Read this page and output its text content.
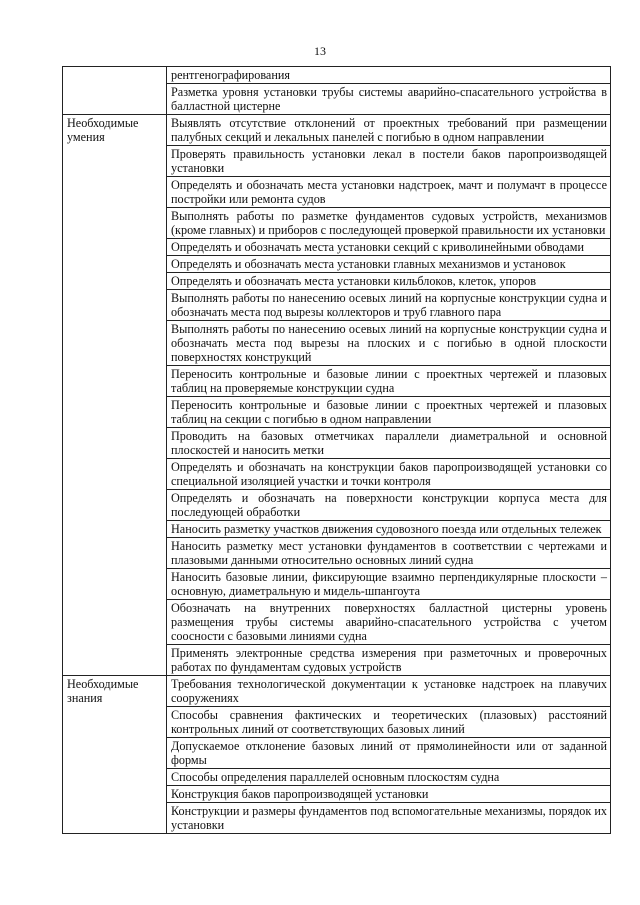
13
	рентгенографирования
	Разметка уровня установки трубы системы аварийно-спасательного устройства в балластной цистерне
Необходимые умения	Выявлять отсутствие отклонений от проектных требований при размещении палубных секций и лекальных панелей с погибью в одном направлении
	Проверять правильность установки лекал в постели баков паропроизводящей установки
	Определять и обозначать места установки надстроек, мачт и полумачт в процессе постройки или ремонта судов
	Выполнять работы по разметке фундаментов судовых устройств, механизмов (кроме главных) и приборов с последующей проверкой правильности их установки
	Определять и обозначать места установки секций с криволинейными обводами
	Определять и обозначать места установки главных механизмов и установок
	Определять и обозначать места установки кильблоков, клеток, упоров
	Выполнять работы по нанесению осевых линий на корпусные конструкции судна и обозначать места под вырезы коллекторов и труб главного пара
	Выполнять работы по нанесению осевых линий на корпусные конструкции судна и обозначать места под вырезы на плоских и с погибью в одной плоскости поверхностях конструкций
	Переносить контрольные и базовые линии с проектных чертежей и плазовых таблиц на проверяемые конструкции судна
	Переносить контрольные и базовые линии с проектных чертежей и плазовых таблиц на секции с погибью в одном направлении
	Проводить на базовых отметчиках параллели диаметральной и основной плоскостей и наносить метки
	Определять и обозначать на конструкции баков паропроизводящей установки со специальной изоляцией участки и точки контроля
	Определять и обозначать на поверхности конструкции корпуса места для последующей обработки
	Наносить разметку участков движения судовозного поезда или отдельных тележек
	Наносить разметку мест установки фундаментов в соответствии с чертежами и плазовыми данными относительно основных линий судна
	Наносить базовые линии, фиксирующие взаимно перпендикулярные плоскости – основную, диаметральную и мидель-шпангоута
	Обозначать на внутренних поверхностях балластной цистерны уровень размещения трубы системы аварийно-спасательного устройства с учетом соосности с базовыми линиями судна
	Применять электронные средства измерения при разметочных и проверочных работах по фундаментам судовых устройств
Необходимые знания	Требования технологической документации к установке надстроек на плавучих сооружениях
	Способы сравнения фактических и теоретических (плазовых) расстояний контрольных линий от соответствующих базовых линий
	Допускаемое отклонение базовых линий от прямолинейности или от заданной формы
	Способы определения параллелей основным плоскостям судна
	Конструкция баков паропроизводящей установки
	Конструкции и размеры фундаментов под вспомогательные механизмы, порядок их установки
